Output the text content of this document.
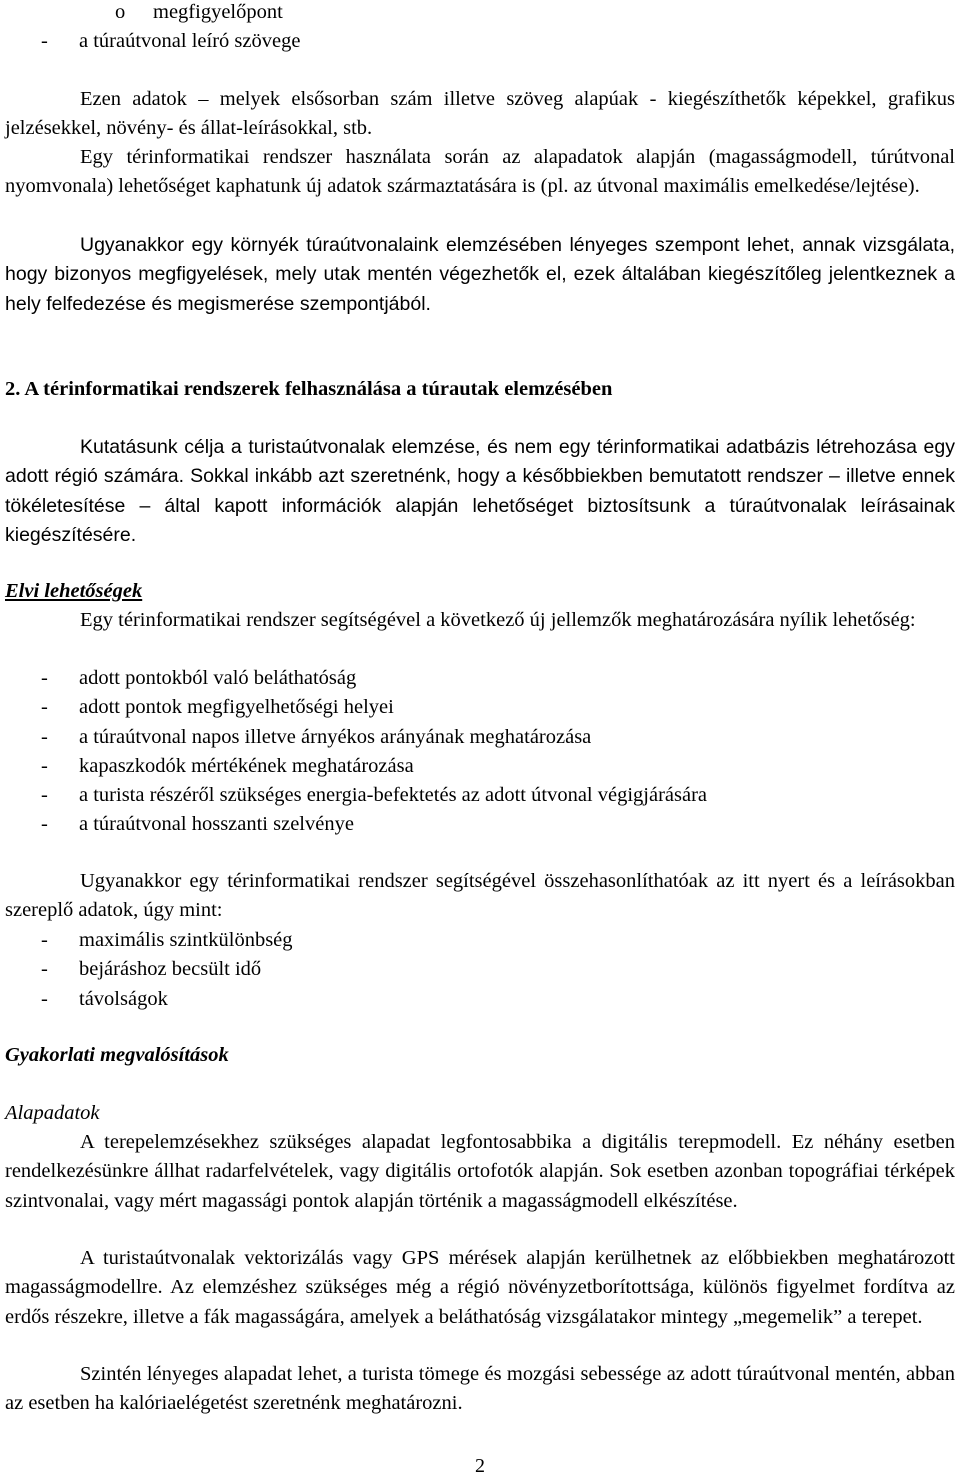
o megfigyelőpont
- a túraútvonal leíró szövege

Ezen adatok – melyek elsősorban szám illetve szöveg alapúak - kiegészíthetők képekkel, grafikus jelzésekkel, növény- és állat-leírásokkal, stb.

Egy térinformatikai rendszer használata során az alapadatok alapján (magasságmodell, túrútvonal nyomvonala) lehetőséget kaphatunk új adatok származtatására is (pl. az útvonal maximális emelkedése/lejtése).

Ugyanakkor egy környék túraútvonalaink elemzésében lényeges szempont lehet, annak vizsgálata, hogy bizonyos megfigyelések, mely utak mentén végezhetők el, ezek általában kiegészítőleg jelentkeznek a hely felfedezése és megismerése szempontjából.

2. A térinformatikai rendszerek felhasználása a túrautak elemzésében

Kutatásunk célja a turistaútvonalak elemzése, és nem egy térinformatikai adatbázis létrehozása egy adott régió számára. Sokkal inkább azt szeretnénk, hogy a későbbiekben bemutatott rendszer – illetve ennek tökéletesítése – által kapott információk alapján lehetőséget biztosítsunk a túraútvonalak leírásainak kiegészítésére.

Elvi lehetőségek

Egy térinformatikai rendszer segítségével a következő új jellemzők meghatározására nyílik lehetőség:

- adott pontokból való beláthatóság
- adott pontok megfigyelhetőségi helyei
- a túraútvonal napos illetve árnyékos arányának meghatározása
- kapaszkodók mértékének meghatározása
- a turista részéről szükséges energia-befektetés az adott útvonal végigjárására
- a túraútvonal hosszanti szelvénye

Ugyanakkor egy térinformatikai rendszer segítségével összehasonlíthatóak az itt nyert és a leírásokban szereplő adatok, úgy mint:

- maximális szintkülönbség
- bejáráshoz becsült idő
- távolságok

Gyakorlati megvalósítások

Alapadatok

A terepelemzésekhez szükséges alapadat legfontosabbika a digitális terepmodell. Ez néhány esetben rendelkezésünkre állhat radarfelvételek, vagy digitális ortofotók alapján. Sok esetben azonban topográfiai térképek szintvonalai, vagy mért magassági pontok alapján történik a magasságmodell elkészítése.

A turistaútvonalak vektorizálás vagy GPS mérések alapján kerülhetnek az előbbiekben meghatározott magasságmodellre. Az elemzéshez szükséges még a régió növényzetborítottsága, különös figyelmet fordítva az erdős részekre, illetve a fák magasságára, amelyek a beláthatóság vizsgálatakor mintegy „megemelik” a terepet.

Szintén lényeges alapadat lehet, a turista tömege és mozgási sebessége az adott túraútvonal mentén, abban az esetben ha kalóriaelégetést szeretnénk meghatározni.

2
